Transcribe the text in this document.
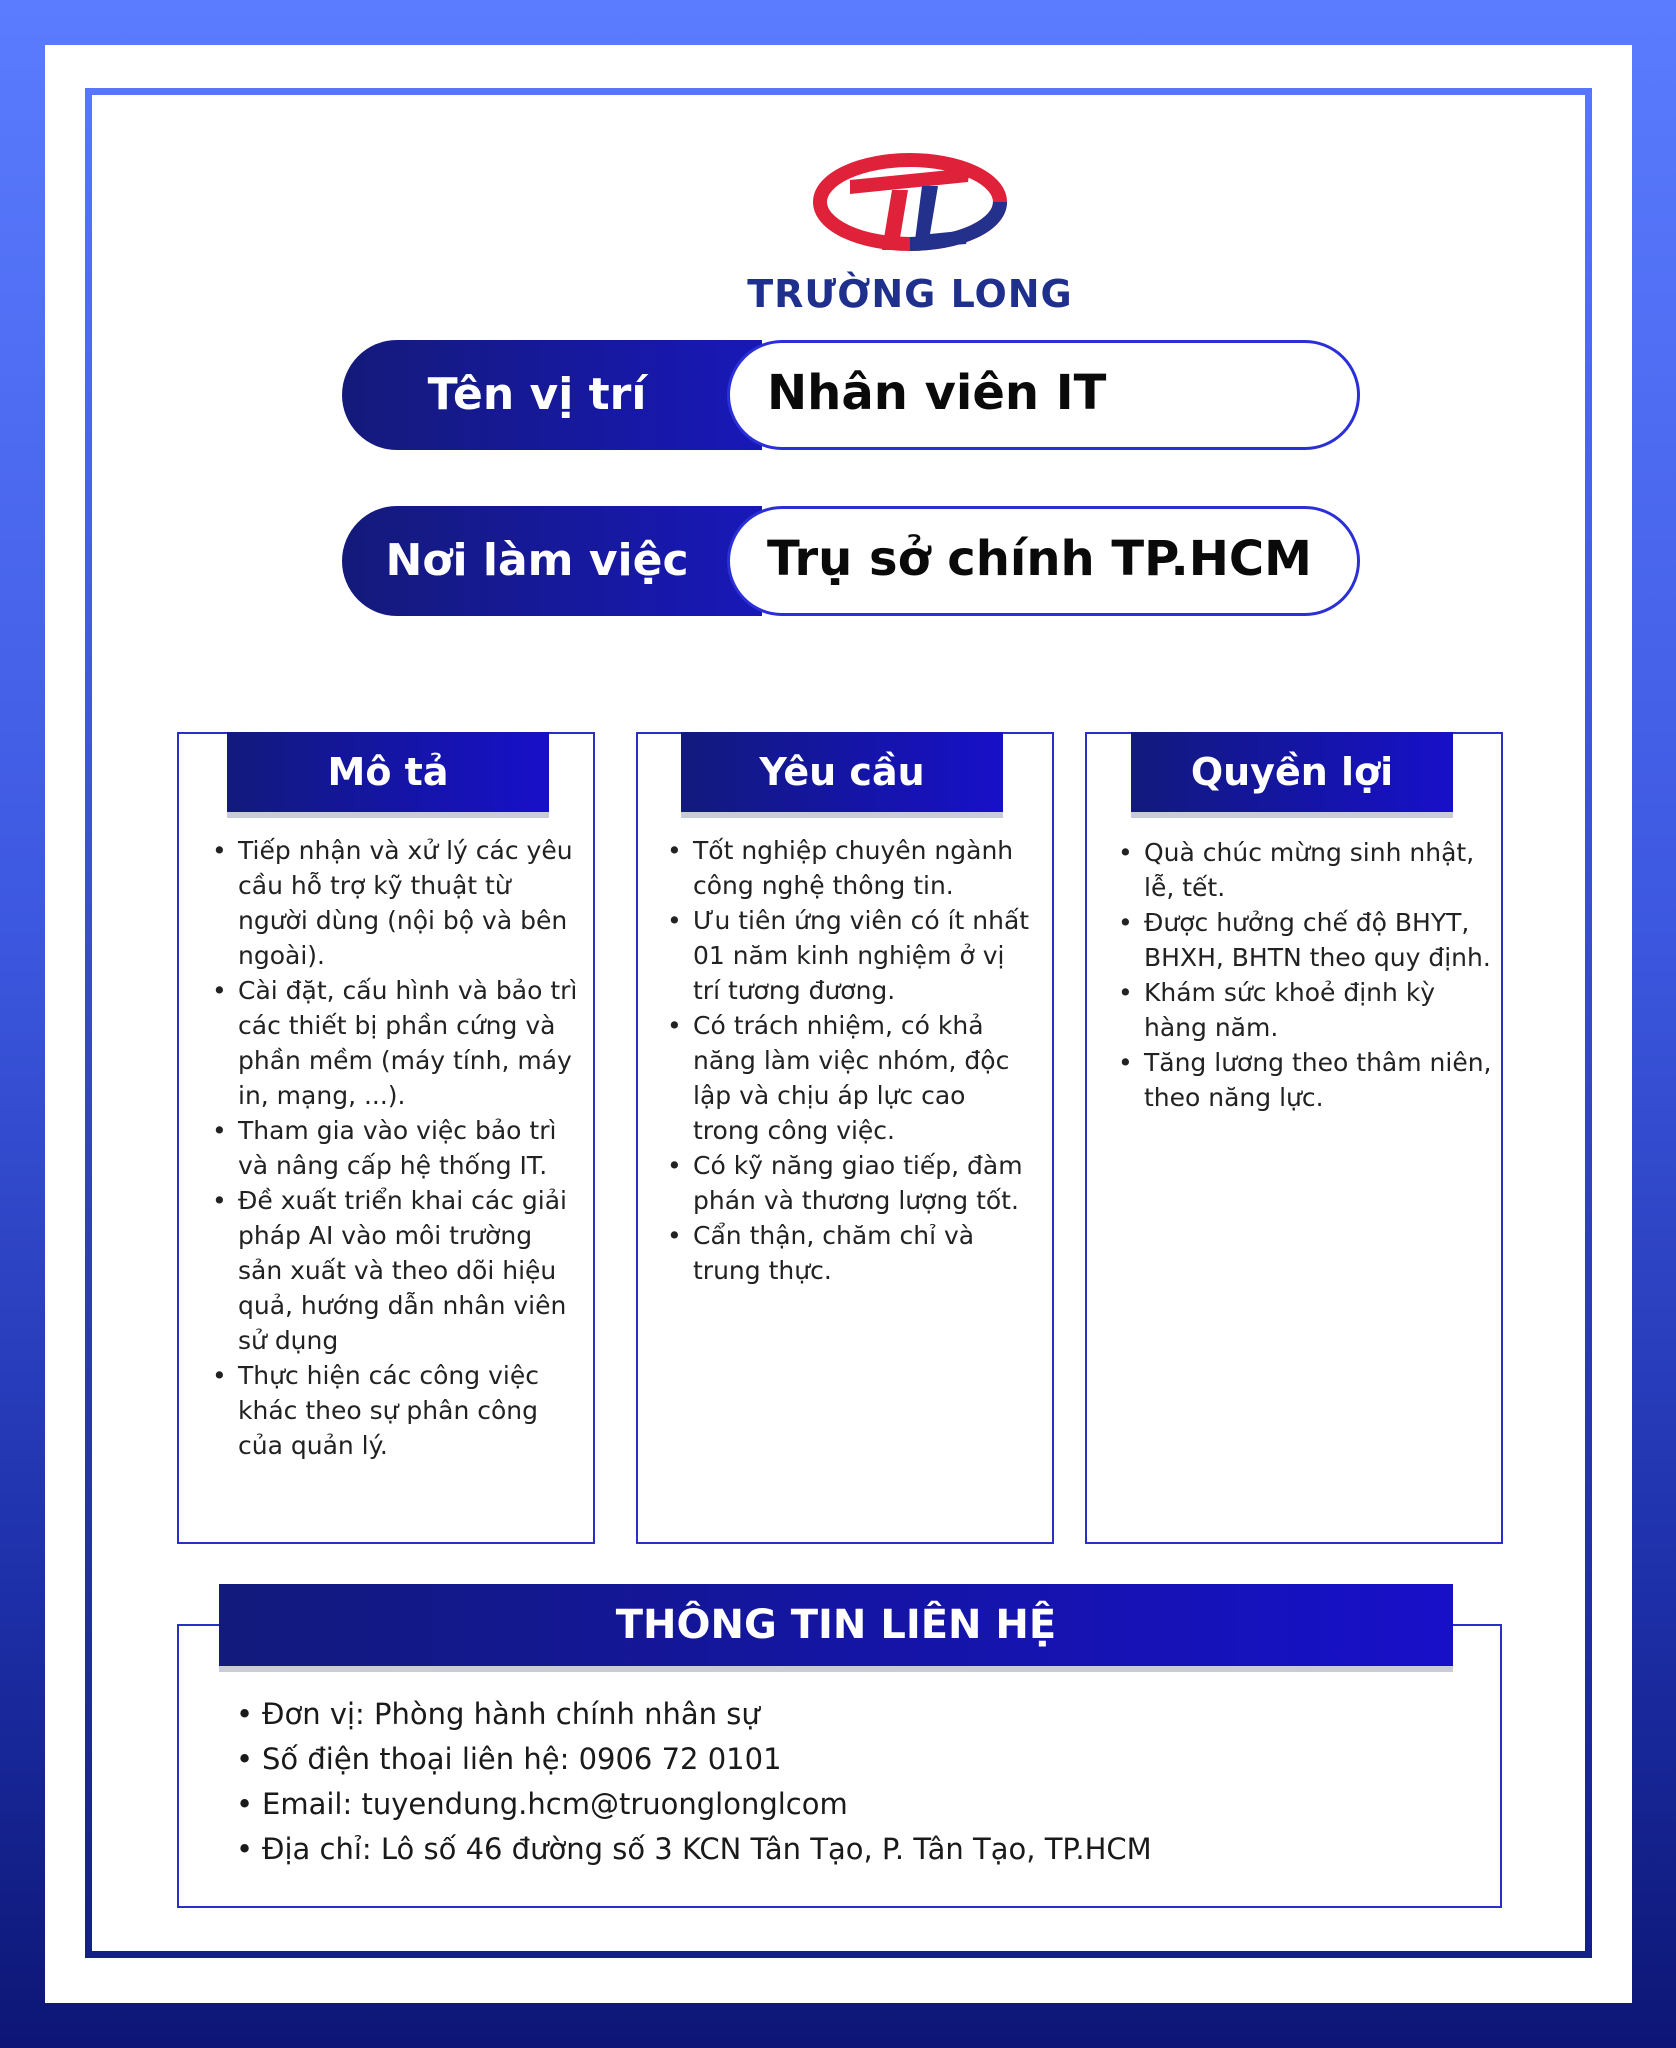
TRƯỜNG LONG
Tên vị trí	Nhân viên IT
Nơi làm việc	Trụ sở chính TP.HCM
Mô tả
• Tiếp nhận và xử lý các yêu cầu hỗ trợ kỹ thuật từ người dùng (nội bộ và bên ngoài).
• Cài đặt, cấu hình và bảo trì các thiết bị phần cứng và phần mềm (máy tính, máy in, mạng, ...).
• Tham gia vào việc bảo trì và nâng cấp hệ thống IT.
• Đề xuất triển khai các giải pháp AI vào môi trường sản xuất và theo dõi hiệu quả, hướng dẫn nhân viên sử dụng
• Thực hiện các công việc khác theo sự phân công của quản lý.
Yêu cầu
• Tốt nghiệp chuyên ngành công nghệ thông tin.
• Ưu tiên ứng viên có ít nhất 01 năm kinh nghiệm ở vị trí tương đương.
• Có trách nhiệm, có khả năng làm việc nhóm, độc lập và chịu áp lực cao trong công việc.
• Có kỹ năng giao tiếp, đàm phán và thương lượng tốt.
• Cẩn thận, chăm chỉ và trung thực.
Quyền lợi
• Quà chúc mừng sinh nhật, lễ, tết.
• Được hưởng chế độ BHYT, BHXH, BHTN theo quy định.
• Khám sức khoẻ định kỳ hàng năm.
• Tăng lương theo thâm niên, theo năng lực.
THÔNG TIN LIÊN HỆ
• Đơn vị: Phòng hành chính nhân sự
• Số điện thoại liên hệ: 0906 72 0101
• Email: tuyendung.hcm@truonglonglcom
• Địa chỉ: Lô số 46 đường số 3 KCN Tân Tạo, P. Tân Tạo, TP.HCM
